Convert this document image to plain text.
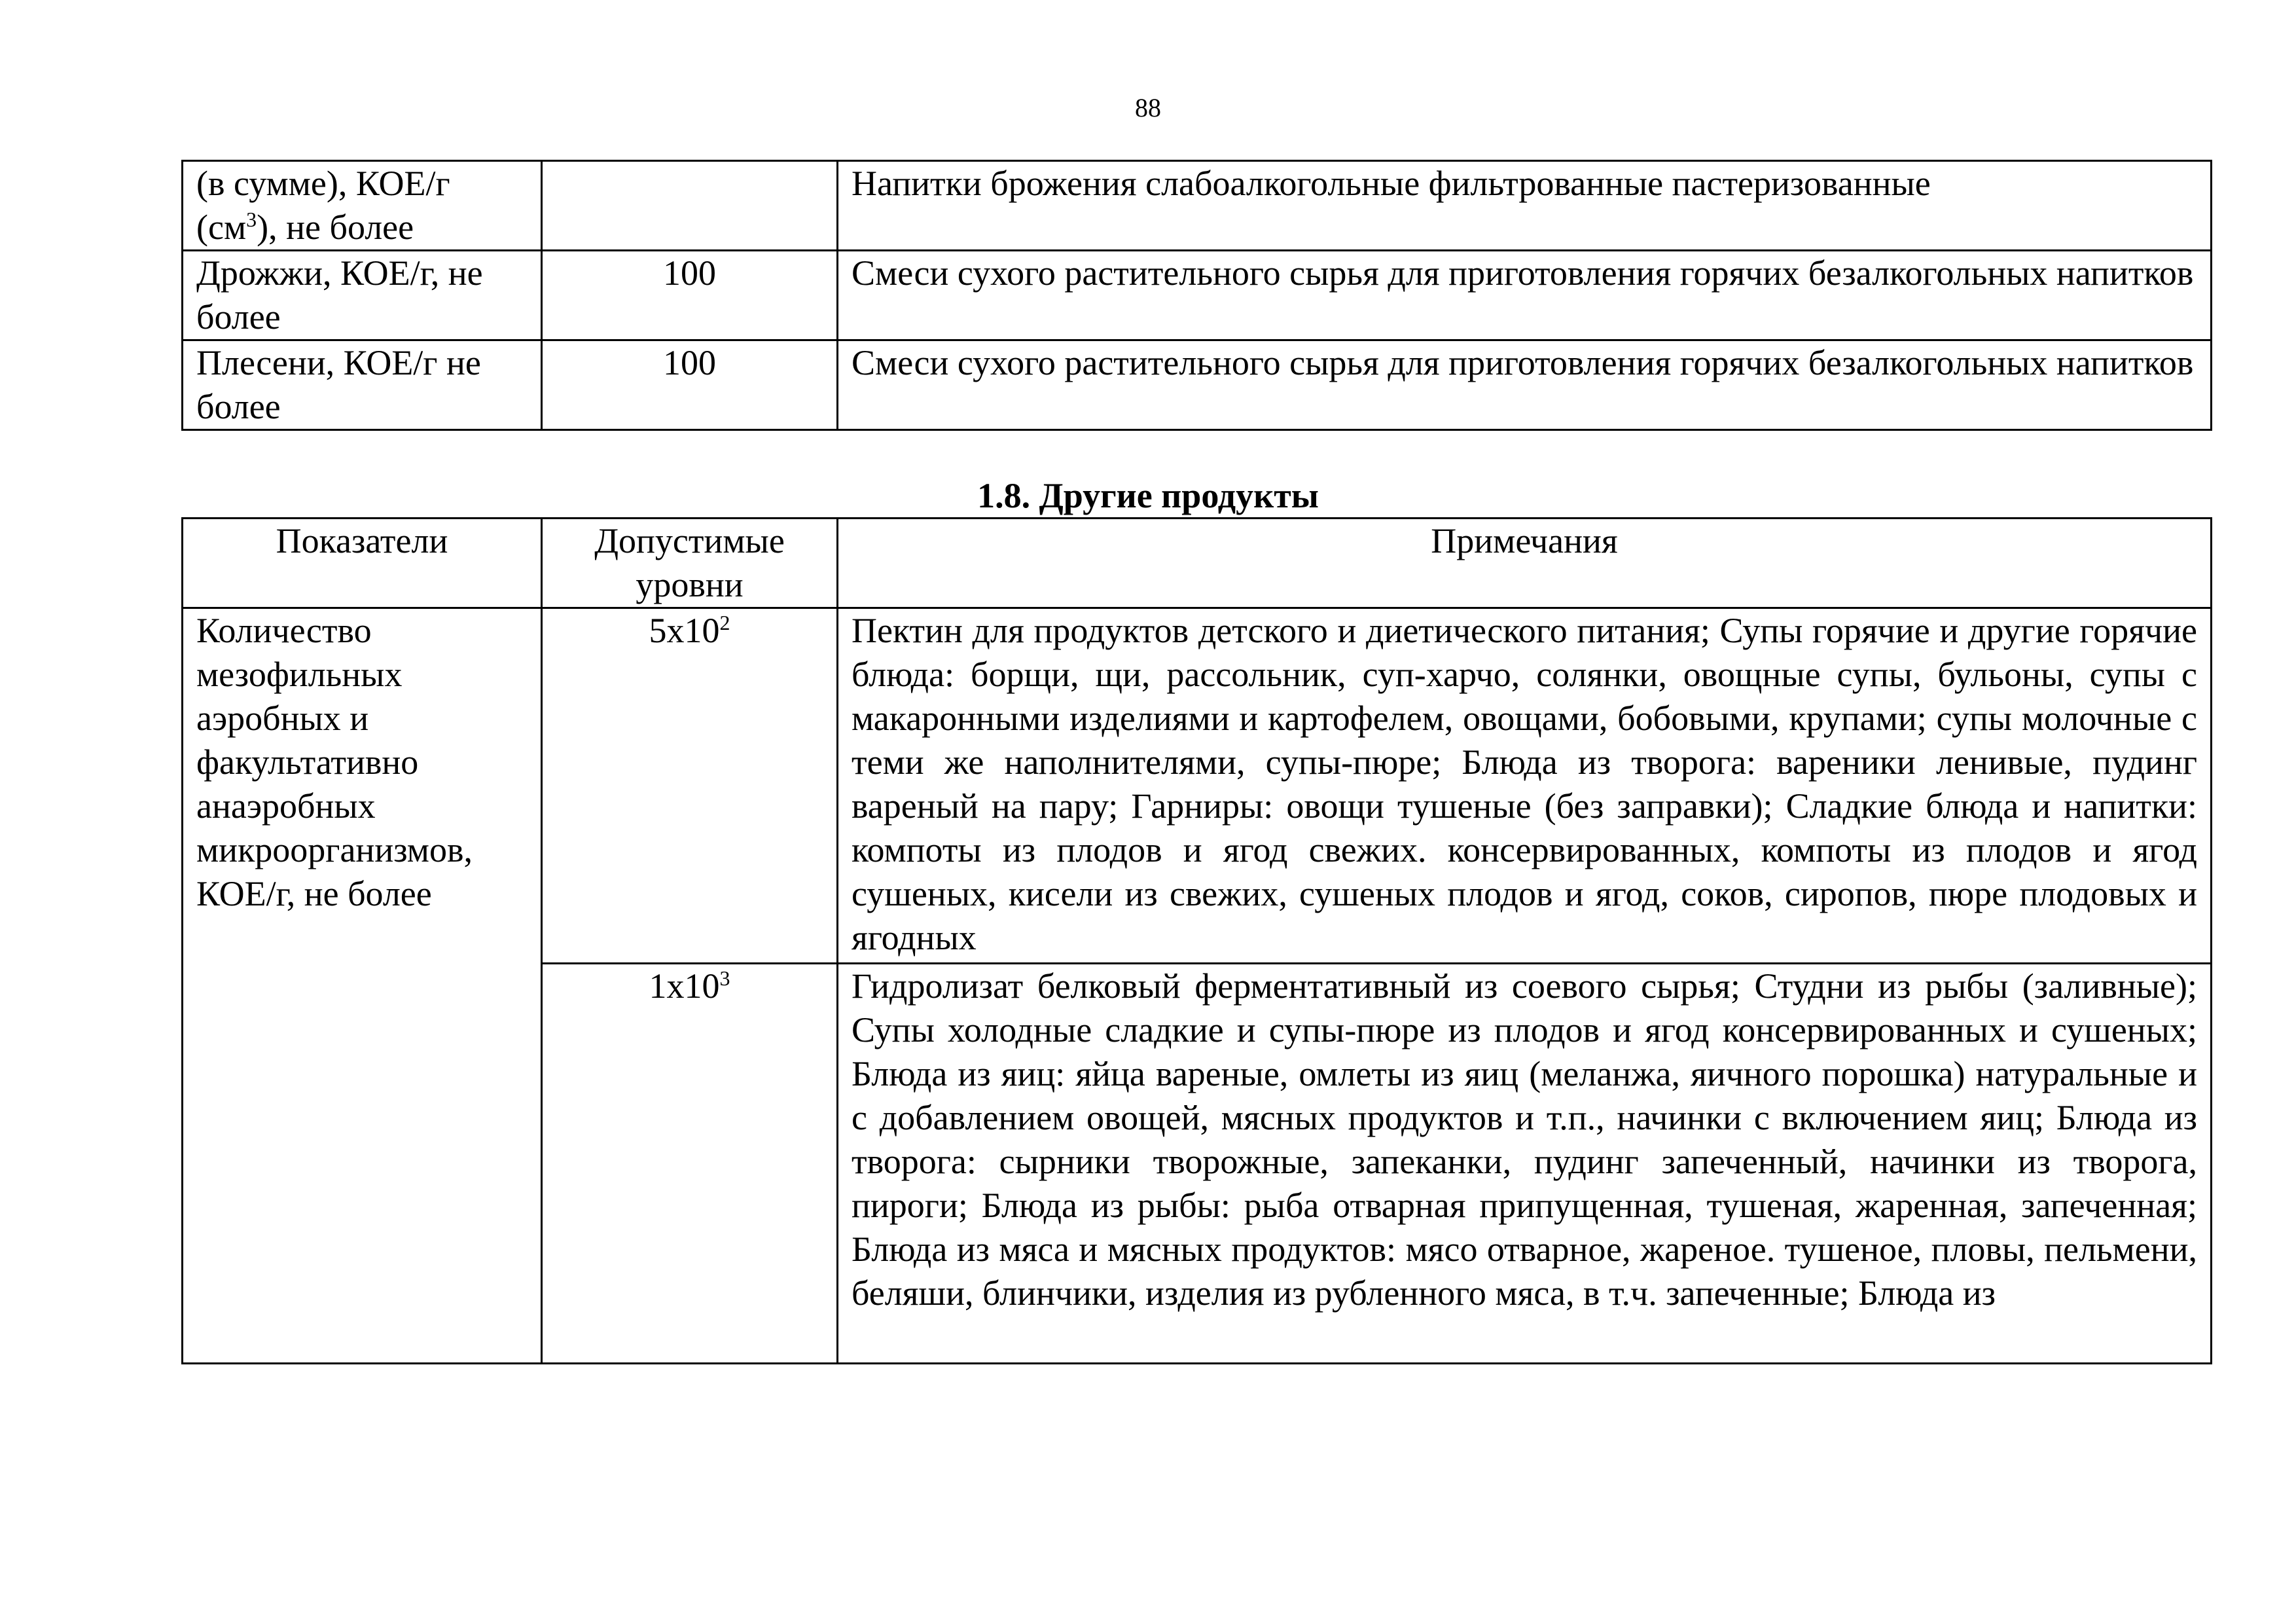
88
(в сумме), КОЕ/г $(см^3)$, не более		Напитки брожения слабоалкогольные фильтрованные пастеризованные
Дрожжи, КОЕ/г, не более	100	Смеси сухого растительного сырья для приготовления горячих безалкогольных напитков
Плесени, КОЕ/г не более	100	Смеси сухого растительного сырья для приготовления горячих безалкогольных напитков
1.8. Другие продукты
Показатели	Допустимые уровни	Примечания
Количество мезофильных аэробных и факультативно анаэробных микроорганизмов, КОЕ/г, не более	$5x10^2$	Пектин для продуктов детского и диетического питания; Супы горячие и другие горячие блюда: борщи, щи, рассольник, суп-харчо, солянки, овощные супы, бульоны, супы с макаронными изделиями и картофелем, овощами, бобовыми, крупами; супы молочные с теми же наполнителями, супы-пюре; Блюда из творога: вареники ленивые, пудинг вареный на пару; Гарниры: овощи тушеные (без заправки); Сладкие блюда и напитки: компоты из плодов и ягод свежих. консервированных, компоты из плодов и ягод сушеных, кисели из свежих, сушеных плодов и ягод, соков, сиропов, пюре плодовых и ягодных
	$1x10^3$	Гидролизат белковый ферментативный из соевого сырья; Студни из рыбы (заливные); Супы холодные сладкие и супы-пюре из плодов и ягод консервированных и сушеных; Блюда из яиц: яйца вареные, омлеты из яиц (меланжа, яичного порошка) натуральные и с добавлением овощей, мясных продуктов и т.п., начинки с включением яиц; Блюда из творога: сырники творожные, запеканки, пудинг запеченный, начинки из творога, пироги; Блюда из рыбы: рыба отварная припущенная, тушеная, жаренная, запеченная; Блюда из мяса и мясных продуктов: мясо отварное, жареное. тушеное, пловы, пельмени, беляши, блинчики, изделия из рубленного мяса, в т.ч. запеченные; Блюда из
